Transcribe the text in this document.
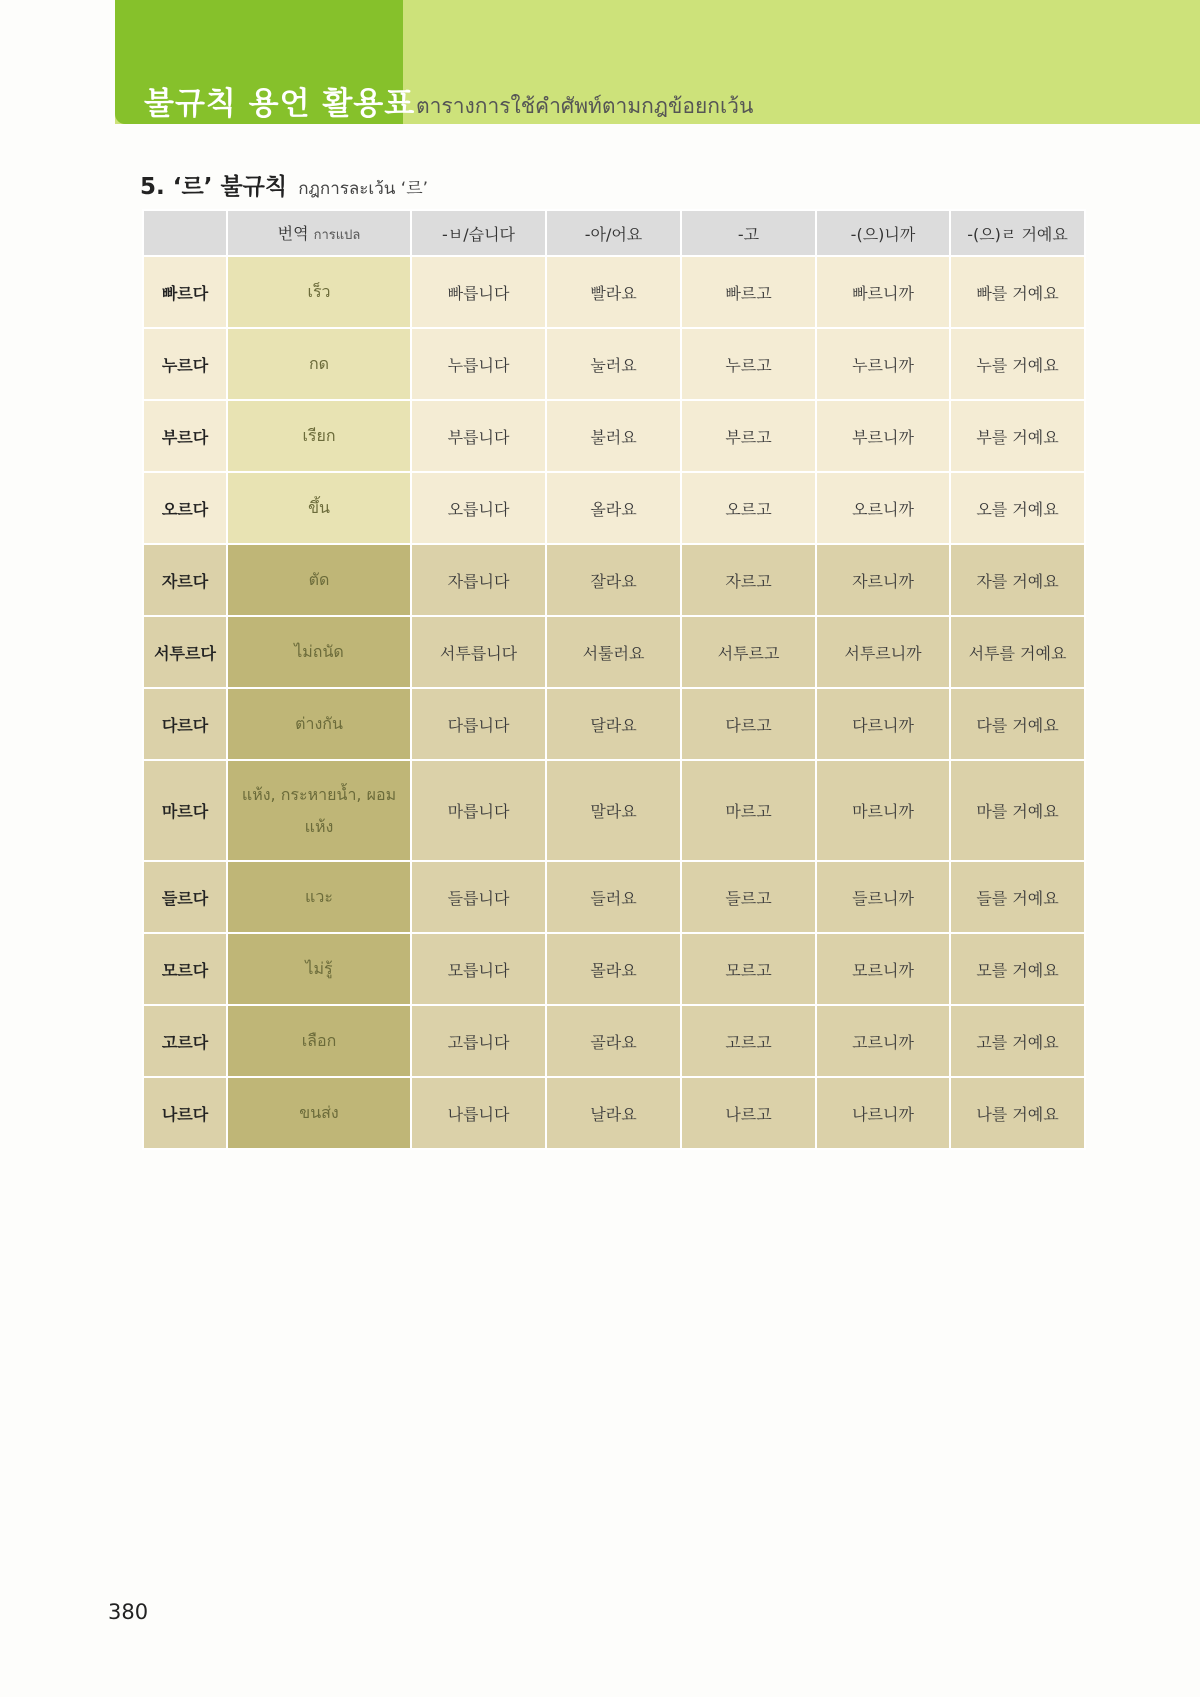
불규칙 용언 활용표 ตารางการใช้คำศัพท์ตามกฎข้อยกเว้น
5. ‘르’ 불규칙 กฎการละเว้น ‘르’
	번역 การแปล	-ㅂ/습니다	-아/어요	-고	-(으)니까	-(으)ㄹ 거예요
빠르다	เร็ว	빠릅니다	빨라요	빠르고	빠르니까	빠를 거예요
누르다	กด	누릅니다	눌러요	누르고	누르니까	누를 거예요
부르다	เรียก	부릅니다	불러요	부르고	부르니까	부를 거예요
오르다	ขึ้น	오릅니다	올라요	오르고	오르니까	오를 거예요
자르다	ตัด	자릅니다	잘라요	자르고	자르니까	자를 거예요
서투르다	ไม่ถนัด	서투릅니다	서툴러요	서투르고	서투르니까	서투를 거예요
다르다	ต่างกัน	다릅니다	달라요	다르고	다르니까	다를 거예요
마르다	แห้ง, กระหายน้ำ, ผอมแห้ง	마릅니다	말라요	마르고	마르니까	마를 거예요
들르다	แวะ	들릅니다	들러요	들르고	들르니까	들를 거예요
모르다	ไม่รู้	모릅니다	몰라요	모르고	모르니까	모를 거예요
고르다	เลือก	고릅니다	골라요	고르고	고르니까	고를 거예요
나르다	ขนส่ง	나릅니다	날라요	나르고	나르니까	나를 거예요
380
